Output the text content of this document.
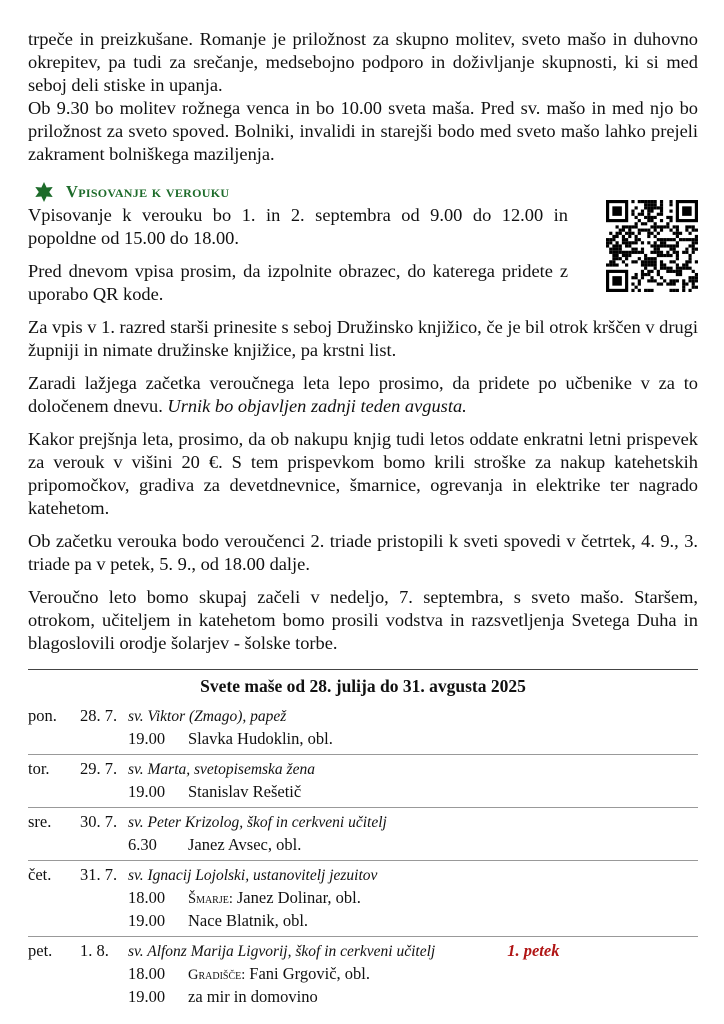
trpeče in preizkušane. Romanje je priložnost za skupno molitev, sveto mašo in duhovno okrepitev, pa tudi za srečanje, medsebojno podporo in doživljanje skupnosti, ki si med seboj deli stiske in upanja.

Ob 9.30 bo molitev rožnega venca in bo 10.00 sveta maša. Pred sv. mašo in med njo bo priložnost za sveto spoved. Bolniki, invalidi in starejši bodo med sveto mašo lahko prejeli zakrament bolniškega maziljenja.

Vpisovanje k verouku

Vpisovanje k verouku bo 1. in 2. septembra od 9.00 do 12.00 in popoldne od 15.00 do 18.00.

Pred dnevom vpisa prosim, da izpolnite obrazec, do katerega pridete z uporabo QR kode.

Za vpis v 1. razred starši prinesite s seboj Družinsko knjižico, če je bil otrok krščen v drugi župniji in nimate družinske knjižice, pa krstni list.

Zaradi lažjega začetka veroučnega leta lepo prosimo, da pridete po učbenike v za to določenem dnevu. Urnik bo objavljen zadnji teden avgusta.

Kakor prejšnja leta, prosimo, da ob nakupu knjig tudi letos oddate enkratni letni prispevek za verouk v višini 20 €. S tem prispevkom bomo krili stroške za nakup katehetskih pripomočkov, gradiva za devetdnevnice, šmarnice, ogrevanja in elektrike ter nagrado katehetom.

Ob začetku verouka bodo veroučenci 2. triade pristopili k sveti spovedi v četrtek, 4. 9., 3. triade pa v petek, 5. 9., od 18.00 dalje.

Veroučno leto bomo skupaj začeli v nedeljo, 7. septembra, s sveto mašo. Staršem, otrokom, učiteljem in katehetom bomo prosili vodstva in razsvetljenja Svetega Duha in blagoslovili orodje šolarjev - šolske torbe.

Svete maše od 28. julija do 31. avgusta 2025
pon.	28. 7. sv. Viktor (Zmago), papež
19.00	Slavka Hudoklin, obl.
tor.	29. 7. sv. Marta, svetopisemska žena
19.00	Stanislav Rešetič
sre.	30. 7. sv. Peter Krizolog, škof in cerkveni učitelj
6.30	Janez Avsec, obl.
čet.	31. 7. sv. Ignacij Lojolski, ustanovitelj jezuitov
18.00	Šmarje: Janez Dolinar, obl.
19.00	Nace Blatnik, obl.
pet.	1. 8.	sv. Alfonz Marija Ligvorij, škof in cerkveni učitelj	1. petek
18.00	Gradišče: Fani Grgovič, obl.
19.00	za mir in domovino
